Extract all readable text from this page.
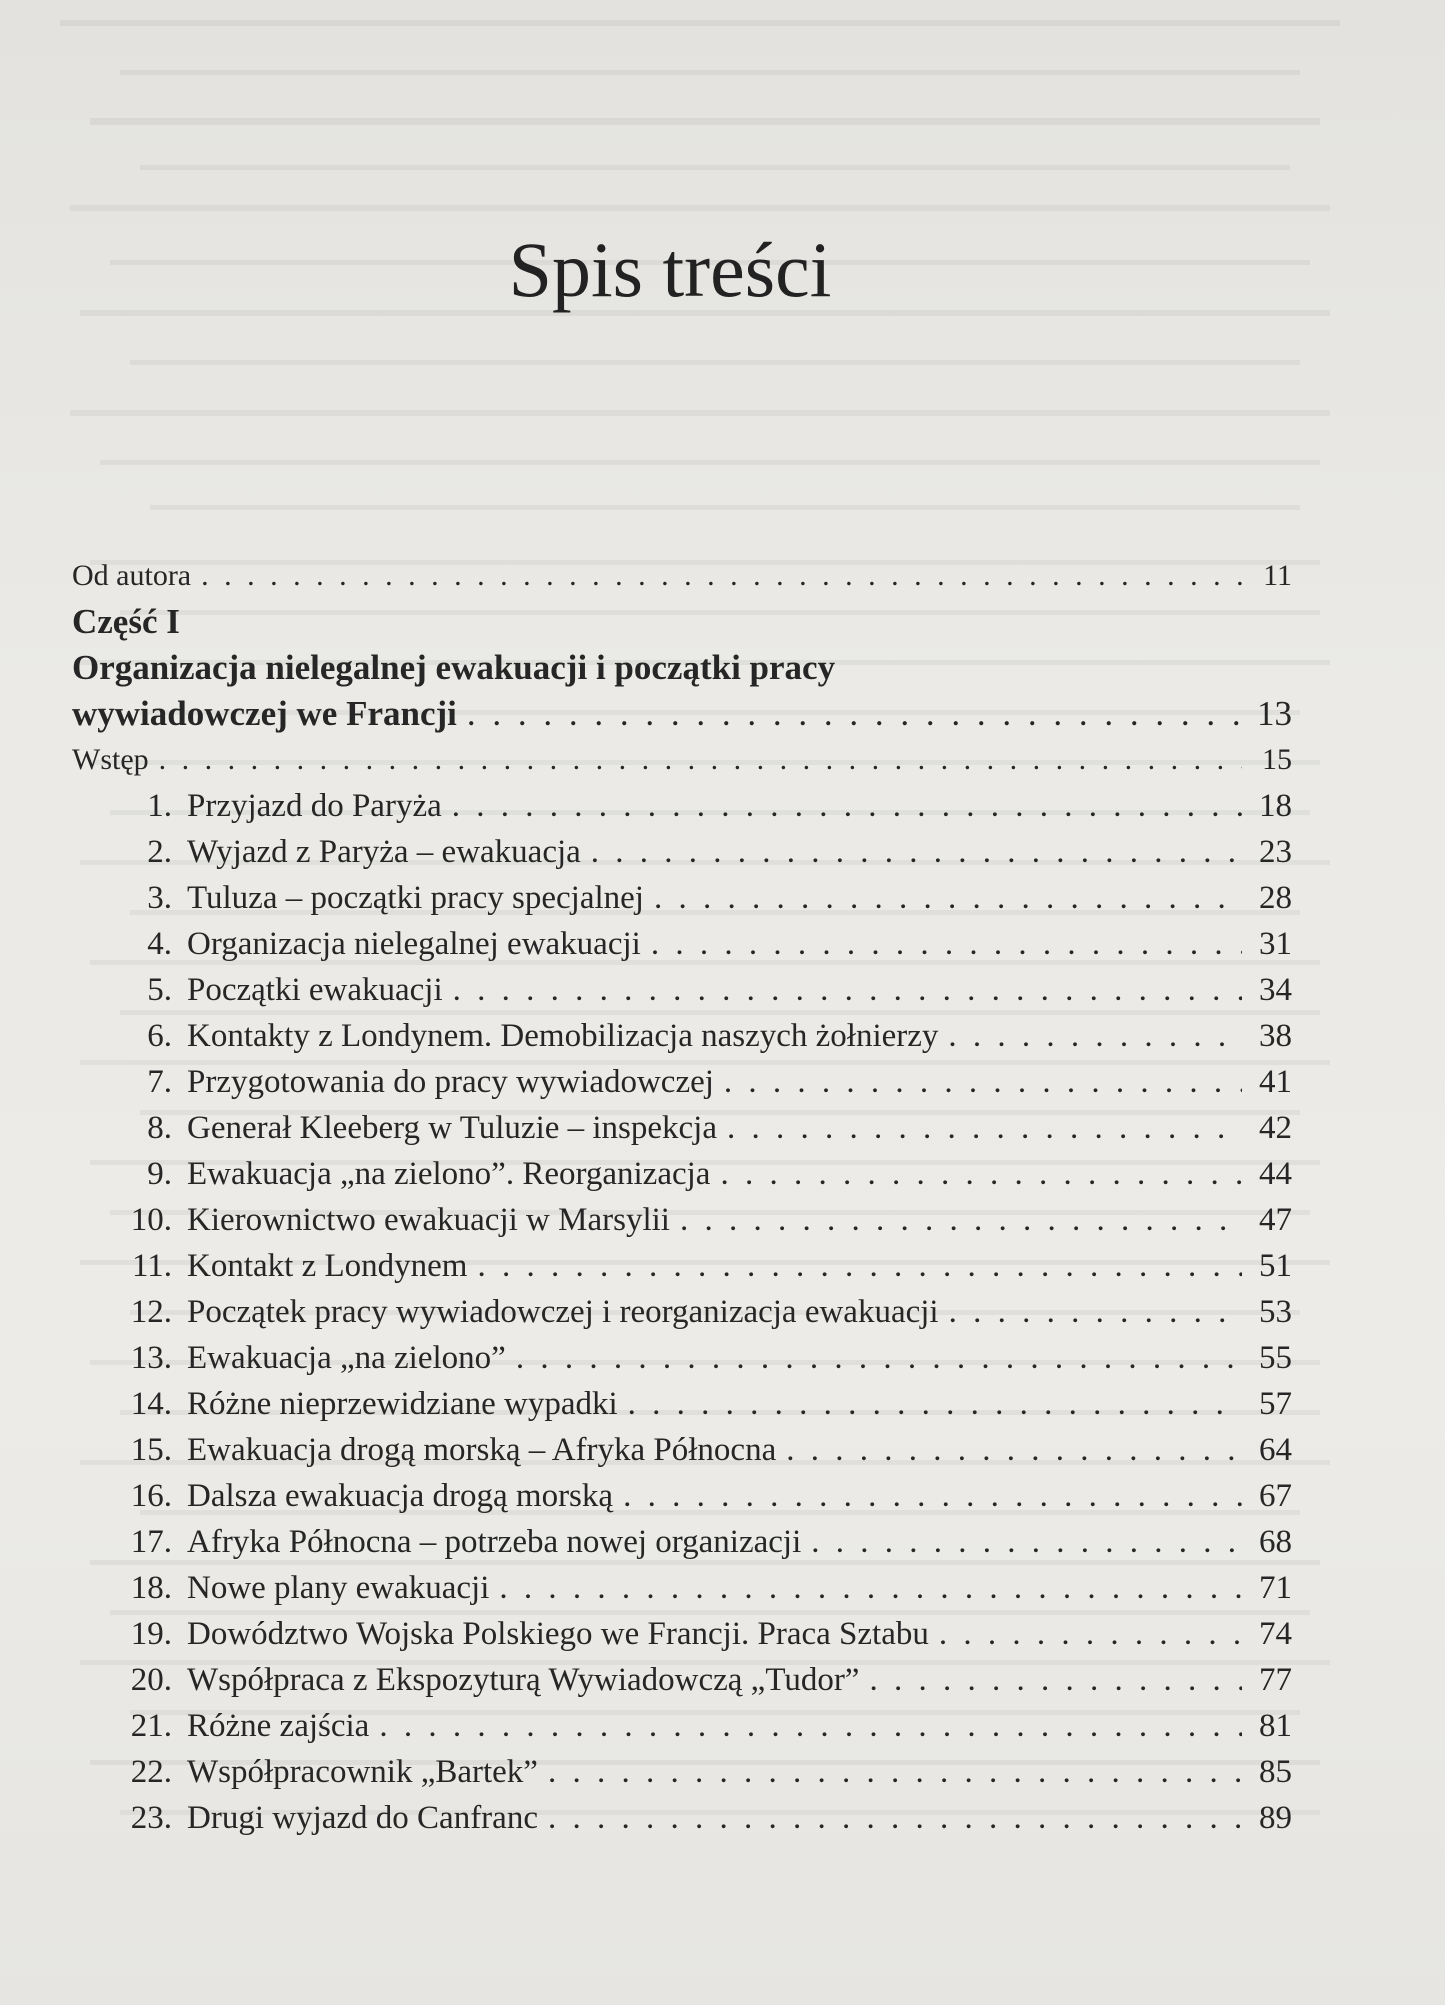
Spis treści
Od autora . . .	11
Część I
Organizacja nielegalnej ewakuacji i początki pracy
wywiadowczej we Francji . . .	13
Wstęp . . .	15
1. Przyjazd do Paryża . . .	18
2. Wyjazd z Paryża – ewakuacja . . .	23
3. Tuluza – początki pracy specjalnej . . .	28
4. Organizacja nielegalnej ewakuacji . . .	31
5. Początki ewakuacji . . .	34
6. Kontakty z Londynem. Demobilizacja naszych żołnierzy . . .	38
7. Przygotowania do pracy wywiadowczej . . .	41
8. Generał Kleeberg w Tuluzie – inspekcja . . .	42
9. Ewakuacja „na zielono”. Reorganizacja . . .	44
10. Kierownictwo ewakuacji w Marsylii . . .	47
11. Kontakt z Londynem . . .	51
12. Początek pracy wywiadowczej i reorganizacja ewakuacji . . .	53
13. Ewakuacja „na zielono” . . .	55
14. Różne nieprzewidziane wypadki . . .	57
15. Ewakuacja drogą morską – Afryka Północna . . .	64
16. Dalsza ewakuacja drogą morską . . .	67
17. Afryka Północna – potrzeba nowej organizacji . . .	68
18. Nowe plany ewakuacji . . .	71
19. Dowództwo Wojska Polskiego we Francji. Praca Sztabu . . .	74
20. Współpraca z Ekspozyturą Wywiadowczą „Tudor” . . .	77
21. Różne zajścia . . .	81
22. Współpracownik „Bartek” . . .	85
23. Drugi wyjazd do Canfranc . . .	89
